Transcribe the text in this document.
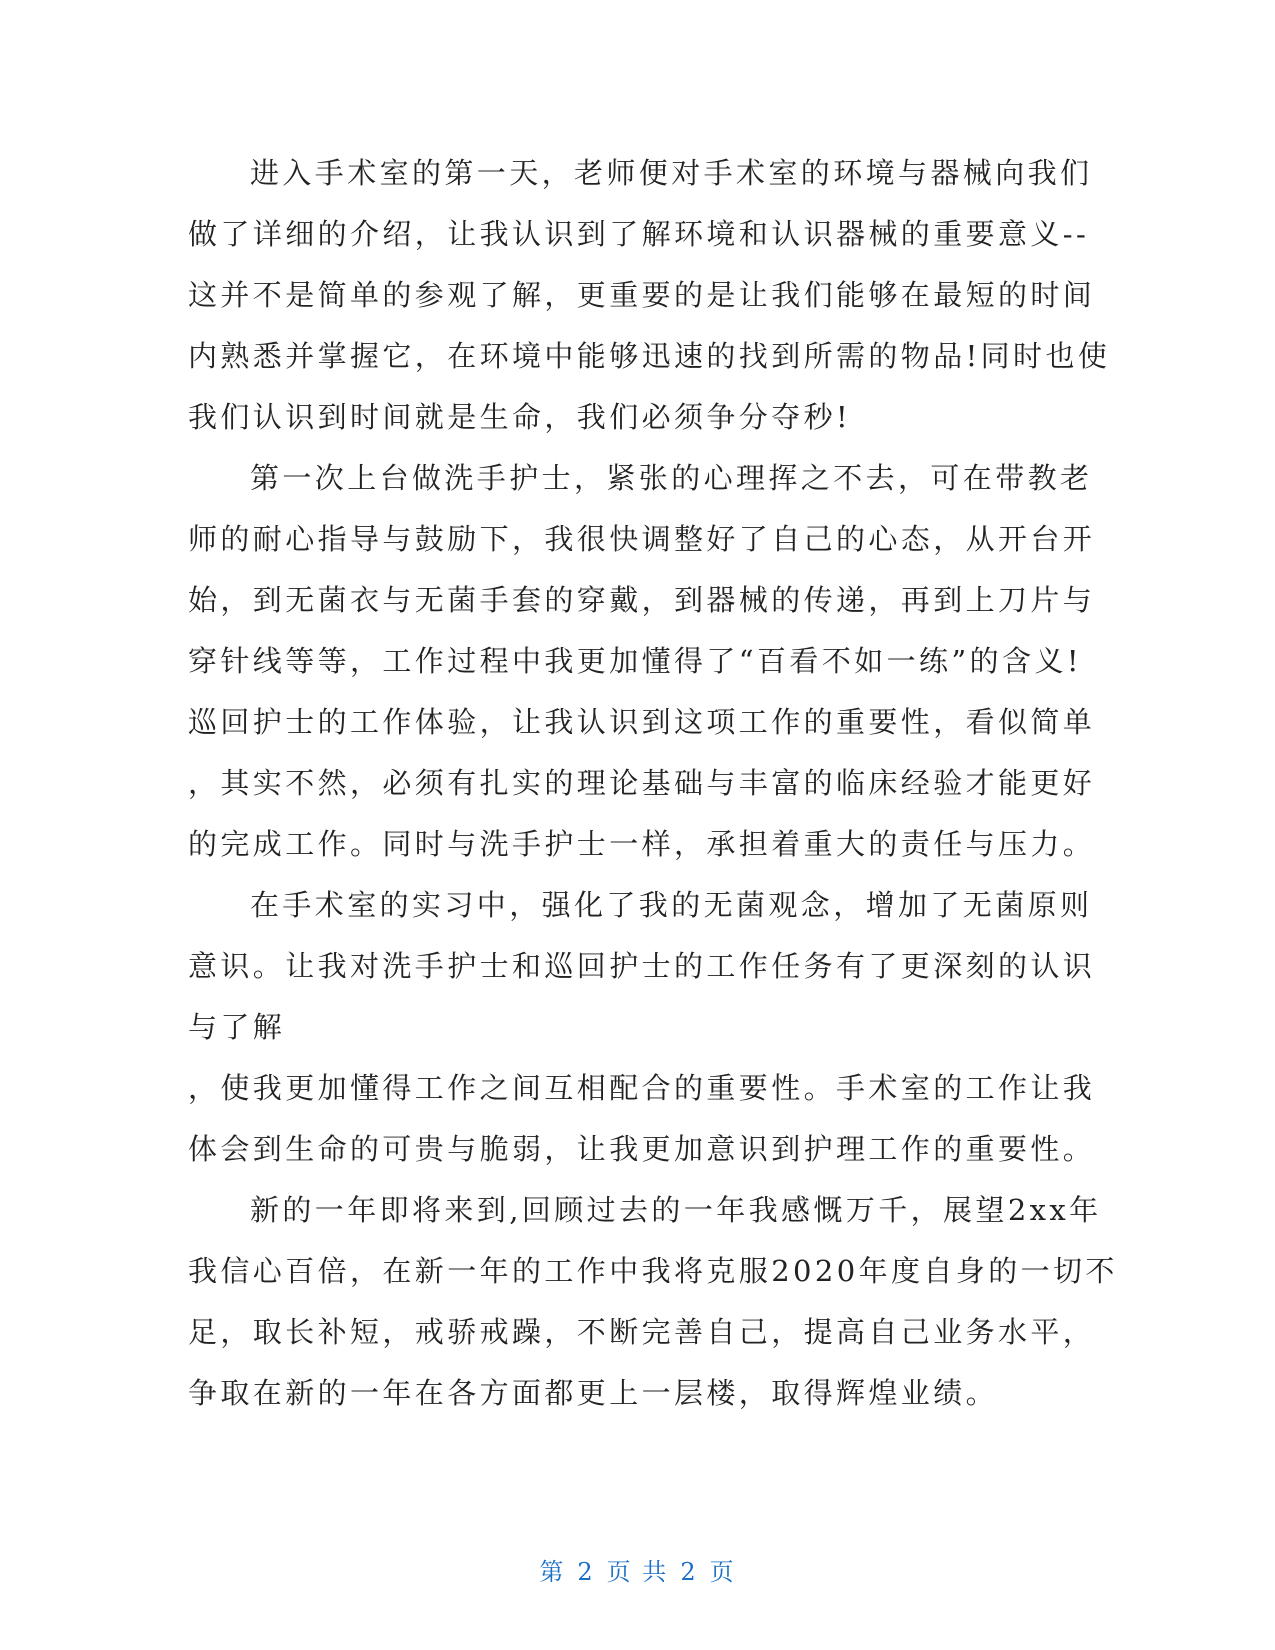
进入手术室的第一天，老师便对手术室的环境与器械向我们
做了详细的介绍，让我认识到了解环境和认识器械的重要意义--
这并不是简单的参观了解，更重要的是让我们能够在最短的时间
内熟悉并掌握它，在环境中能够迅速的找到所需的物品!同时也使
我们认识到时间就是生命，我们必须争分夺秒!
第一次上台做洗手护士，紧张的心理挥之不去，可在带教老
师的耐心指导与鼓励下，我很快调整好了自己的心态，从开台开
始，到无菌衣与无菌手套的穿戴，到器械的传递，再到上刀片与
穿针线等等，工作过程中我更加懂得了“百看不如一练”的含义!
巡回护士的工作体验，让我认识到这项工作的重要性，看似简单
，其实不然，必须有扎实的理论基础与丰富的临床经验才能更好
的完成工作。同时与洗手护士一样，承担着重大的责任与压力。
在手术室的实习中，强化了我的无菌观念，增加了无菌原则
意识。让我对洗手护士和巡回护士的工作任务有了更深刻的认识
与了解
，使我更加懂得工作之间互相配合的重要性。手术室的工作让我
体会到生命的可贵与脆弱，让我更加意识到护理工作的重要性。
新的一年即将来到,回顾过去的一年我感慨万千，展望2xx年
我信心百倍，在新一年的工作中我将克服2020年度自身的一切不
足，取长补短，戒骄戒躁，不断完善自己，提高自己业务水平，
争取在新的一年在各方面都更上一层楼，取得辉煌业绩。
第 2 页 共 2 页
